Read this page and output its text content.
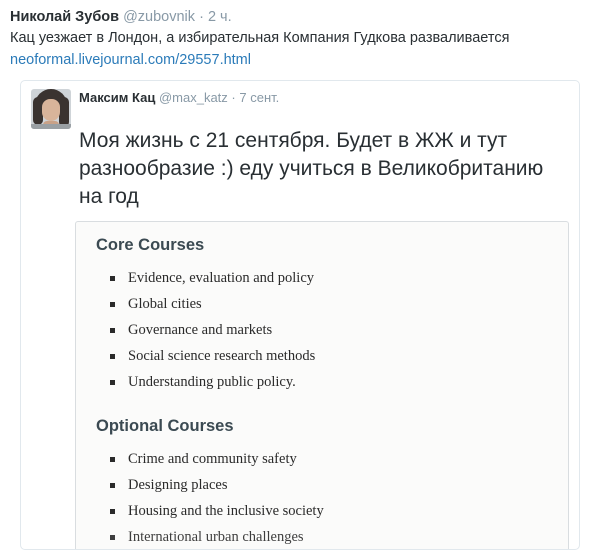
Николай Зубов @zubovnik · 2 ч.
Кац уезжает в Лондон, а избирательная Компания Гудкова разваливается
neoformal.livejournal.com/29557.html
Максим Кац @max_katz · 7 сент.
Моя жизнь с 21 сентября. Будет в ЖЖ и тут разнообразие :) еду учиться в Великобританию на год
Core Courses
Evidence, evaluation and policy
Global cities
Governance and markets
Social science research methods
Understanding public policy.
Optional Courses
Crime and community safety
Designing places
Housing and the inclusive society
International urban challenges
